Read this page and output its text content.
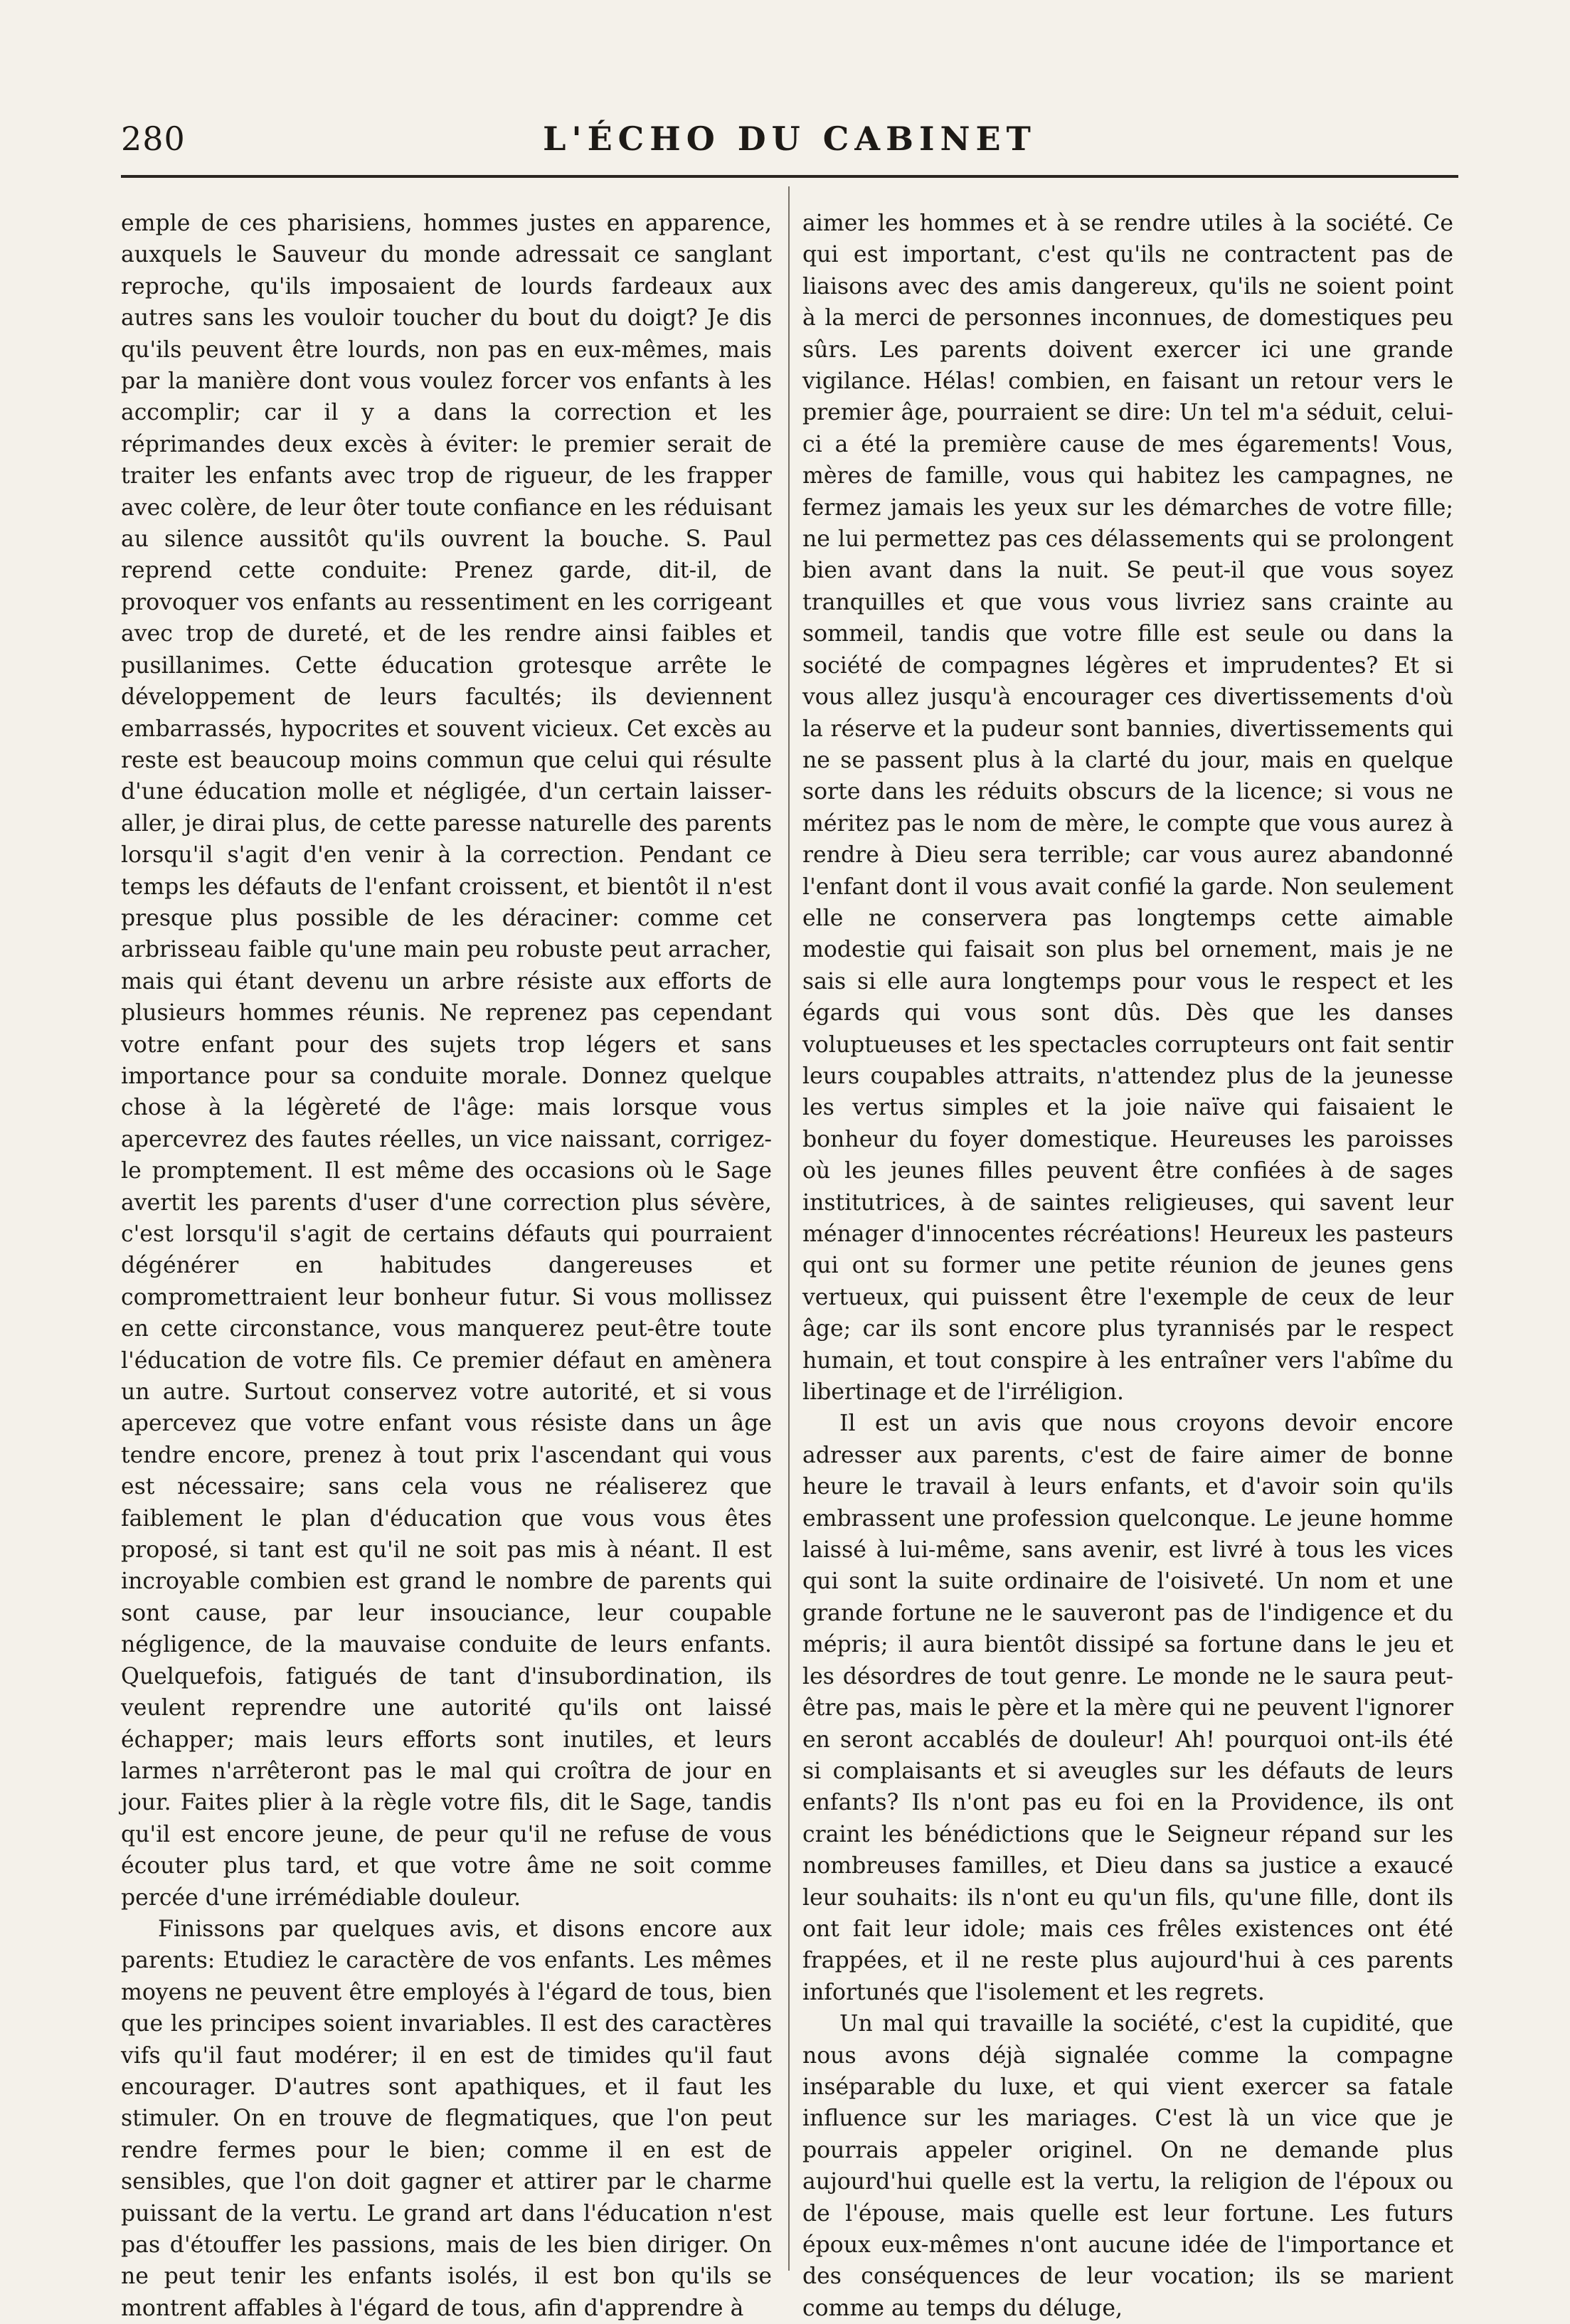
280	L'ÉCHO DU CABINET

emple de ces pharisiens, hommes justes en apparence, auxquels le Sauveur du monde adressait ce sanglant reproche, qu'ils imposaient de lourds fardeaux aux autres sans les vouloir toucher du bout du doigt? Je dis qu'ils peuvent être lourds, non pas en eux-mêmes, mais par la manière dont vous voulez forcer vos enfants à les accomplir; car il y a dans la correction et les réprimandes deux excès à éviter: le premier serait de traiter les enfants avec trop de rigueur, de les frapper avec colère, de leur ôter toute confiance en les réduisant au silence aussitôt qu'ils ouvrent la bouche. S. Paul reprend cette conduite: Prenez garde, dit-il, de provoquer vos enfants au ressentiment en les corrigeant avec trop de dureté, et de les rendre ainsi faibles et pusillanimes. Cette éducation grotesque arrête le développement de leurs facultés; ils deviennent embarrassés, hypocrites et souvent vicieux. Cet excès au reste est beaucoup moins commun que celui qui résulte d'une éducation molle et négligée, d'un certain laisser-aller, je dirai plus, de cette paresse naturelle des parents lorsqu'il s'agit d'en venir à la correction. Pendant ce temps les défauts de l'enfant croissent, et bientôt il n'est presque plus possible de les déraciner: comme cet arbrisseau faible qu'une main peu robuste peut arracher, mais qui étant devenu un arbre résiste aux efforts de plusieurs hommes réunis. Ne reprenez pas cependant votre enfant pour des sujets trop légers et sans importance pour sa conduite morale. Donnez quelque chose à la légèreté de l'âge: mais lorsque vous apercevrez des fautes réelles, un vice naissant, corrigez-le promptement. Il est même des occasions où le Sage avertit les parents d'user d'une correction plus sévère, c'est lorsqu'il s'agit de certains défauts qui pourraient dégénérer en habitudes dangereuses et compromettraient leur bonheur futur. Si vous mollissez en cette circonstance, vous manquerez peut-être toute l'éducation de votre fils. Ce premier défaut en amènera un autre. Surtout conservez votre autorité, et si vous apercevez que votre enfant vous résiste dans un âge tendre encore, prenez à tout prix l'ascendant qui vous est nécessaire; sans cela vous ne réaliserez que faiblement le plan d'éducation que vous vous êtes proposé, si tant est qu'il ne soit pas mis à néant. Il est incroyable combien est grand le nombre de parents qui sont cause, par leur insouciance, leur coupable négligence, de la mauvaise conduite de leurs enfants. Quelquefois, fatigués de tant d'insubordination, ils veulent reprendre une autorité qu'ils ont laissé échapper; mais leurs efforts sont inutiles, et leurs larmes n'arrêteront pas le mal qui croîtra de jour en jour. Faites plier à la règle votre fils, dit le Sage, tandis qu'il est encore jeune, de peur qu'il ne refuse de vous écouter plus tard, et que votre âme ne soit comme percée d'une irrémédiable douleur.

Finissons par quelques avis, et disons encore aux parents: Etudiez le caractère de vos enfants. Les mêmes moyens ne peuvent être employés à l'égard de tous, bien que les principes soient invariables. Il est des caractères vifs qu'il faut modérer; il en est de timides qu'il faut encourager. D'autres sont apathiques, et il faut les stimuler. On en trouve de flegmatiques, que l'on peut rendre fermes pour le bien; comme il en est de sensibles, que l'on doit gagner et attirer par le charme puissant de la vertu. Le grand art dans l'éducation n'est pas d'étouffer les passions, mais de les bien diriger. On ne peut tenir les enfants isolés, il est bon qu'ils se montrent affables à l'égard de tous, afin d'apprendre à

aimer les hommes et à se rendre utiles à la société. Ce qui est important, c'est qu'ils ne contractent pas de liaisons avec des amis dangereux, qu'ils ne soient point à la merci de personnes inconnues, de domestiques peu sûrs. Les parents doivent exercer ici une grande vigilance. Hélas! combien, en faisant un retour vers le premier âge, pourraient se dire: Un tel m'a séduit, celui-ci a été la première cause de mes égarements! Vous, mères de famille, vous qui habitez les campagnes, ne fermez jamais les yeux sur les démarches de votre fille; ne lui permettez pas ces délassements qui se prolongent bien avant dans la nuit. Se peut-il que vous soyez tranquilles et que vous vous livriez sans crainte au sommeil, tandis que votre fille est seule ou dans la société de compagnes légères et imprudentes? Et si vous allez jusqu'à encourager ces divertissements d'où la réserve et la pudeur sont bannies, divertissements qui ne se passent plus à la clarté du jour, mais en quelque sorte dans les réduits obscurs de la licence; si vous ne méritez pas le nom de mère, le compte que vous aurez à rendre à Dieu sera terrible; car vous aurez abandonné l'enfant dont il vous avait confié la garde. Non seulement elle ne conservera pas longtemps cette aimable modestie qui faisait son plus bel ornement, mais je ne sais si elle aura longtemps pour vous le respect et les égards qui vous sont dûs. Dès que les danses voluptueuses et les spectacles corrupteurs ont fait sentir leurs coupables attraits, n'attendez plus de la jeunesse les vertus simples et la joie naïve qui faisaient le bonheur du foyer domestique. Heureuses les paroisses où les jeunes filles peuvent être confiées à de sages institutrices, à de saintes religieuses, qui savent leur ménager d'innocentes récréations! Heureux les pasteurs qui ont su former une petite réunion de jeunes gens vertueux, qui puissent être l'exemple de ceux de leur âge; car ils sont encore plus tyrannisés par le respect humain, et tout conspire à les entraîner vers l'abîme du libertinage et de l'irréligion.

Il est un avis que nous croyons devoir encore adresser aux parents, c'est de faire aimer de bonne heure le travail à leurs enfants, et d'avoir soin qu'ils embrassent une profession quelconque. Le jeune homme laissé à lui-même, sans avenir, est livré à tous les vices qui sont la suite ordinaire de l'oisiveté. Un nom et une grande fortune ne le sauveront pas de l'indigence et du mépris; il aura bientôt dissipé sa fortune dans le jeu et les désordres de tout genre. Le monde ne le saura peut-être pas, mais le père et la mère qui ne peuvent l'ignorer en seront accablés de douleur! Ah! pourquoi ont-ils été si complaisants et si aveugles sur les défauts de leurs enfants? Ils n'ont pas eu foi en la Providence, ils ont craint les bénédictions que le Seigneur répand sur les nombreuses familles, et Dieu dans sa justice a exaucé leur souhaits: ils n'ont eu qu'un fils, qu'une fille, dont ils ont fait leur idole; mais ces frêles existences ont été frappées, et il ne reste plus aujourd'hui à ces parents infortunés que l'isolement et les regrets.

Un mal qui travaille la société, c'est la cupidité, que nous avons déjà signalée comme la compagne inséparable du luxe, et qui vient exercer sa fatale influence sur les mariages. C'est là un vice que je pourrais appeler originel. On ne demande plus aujourd'hui quelle est la vertu, la religion de l'époux ou de l'épouse, mais quelle est leur fortune. Les futurs époux eux-mêmes n'ont aucune idée de l'importance et des conséquences de leur vocation; ils se marient comme au temps du déluge,
